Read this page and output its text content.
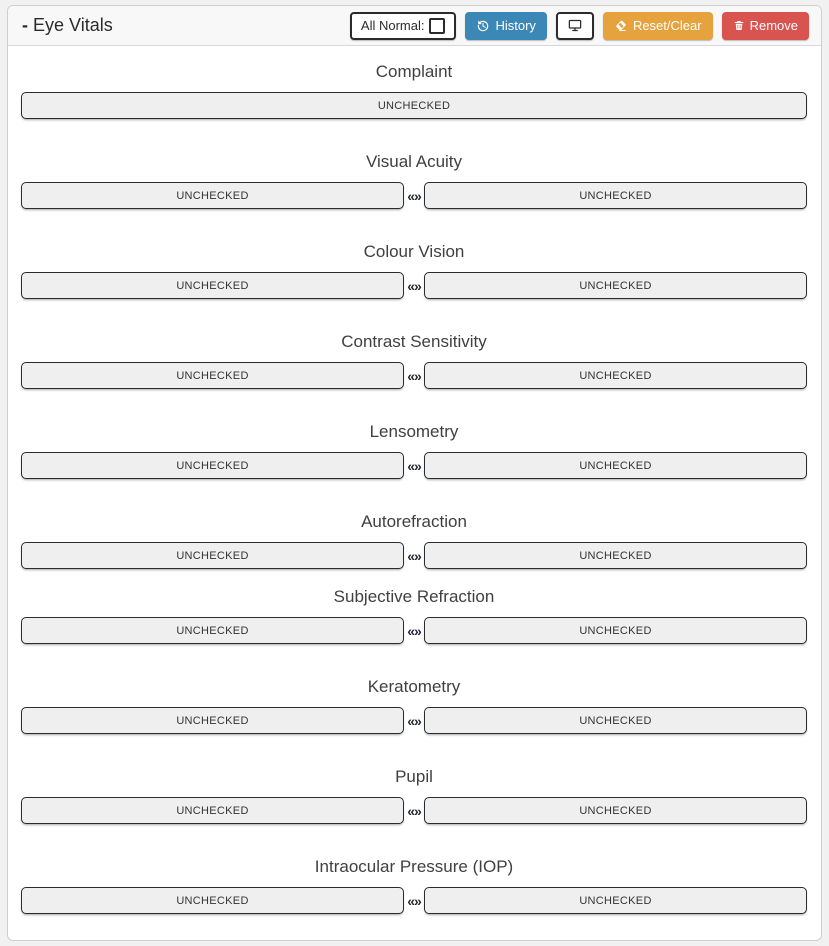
- Eye Vitals	All Normal:	History	Reset/Clear	Remove
Complaint
UNCHECKED
Visual Acuity
UNCHECKED	«»	UNCHECKED
Colour Vision
UNCHECKED	«»	UNCHECKED
Contrast Sensitivity
UNCHECKED	«»	UNCHECKED
Lensometry
UNCHECKED	«»	UNCHECKED
Autorefraction
UNCHECKED	«»	UNCHECKED
Subjective Refraction
UNCHECKED	«»	UNCHECKED
Keratometry
UNCHECKED	«»	UNCHECKED
Pupil
UNCHECKED	«»	UNCHECKED
Intraocular Pressure (IOP)
UNCHECKED	«»	UNCHECKED
